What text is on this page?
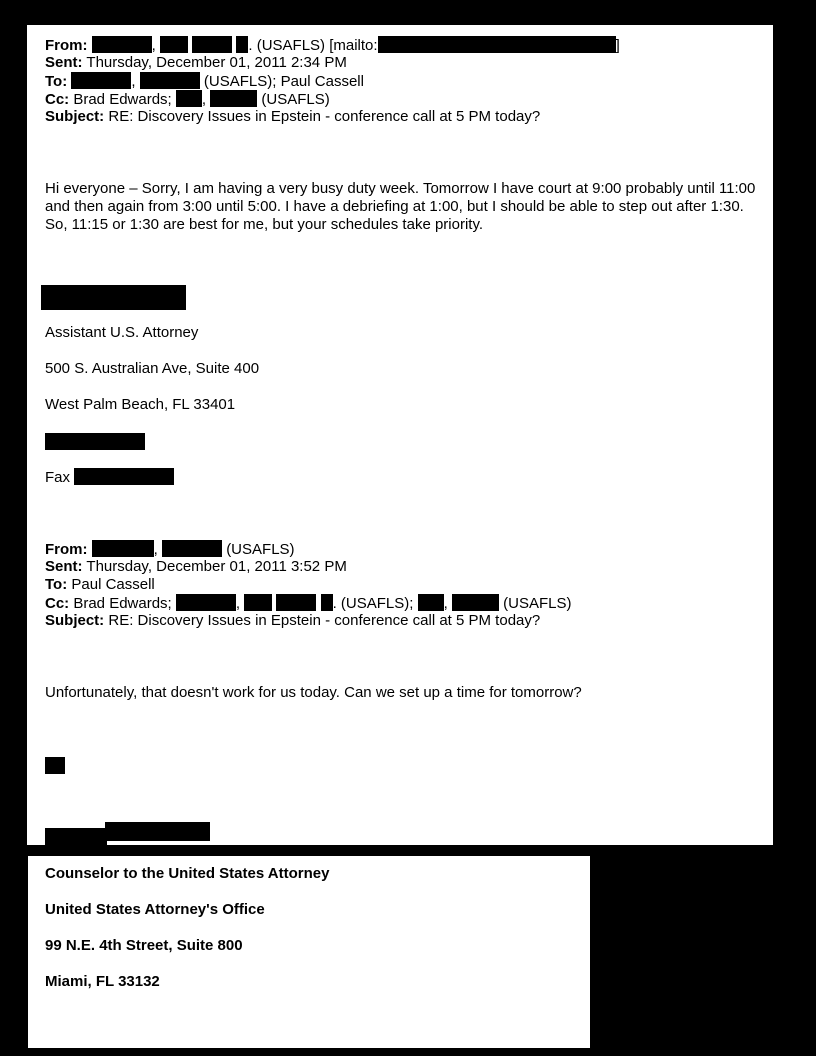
From:	,	. (USAFLS) [mailto:	]
Sent: Thursday, December 01, 2011 2:34 PM
To:	,	(USAFLS); Paul Cassell
Cc: Brad Edwards; ,	(USAFLS)
Subject: RE: Discovery Issues in Epstein - conference call at 5 PM today?
Hi everyone – Sorry, I am having a very busy duty week. Tomorrow I have court at 9:00 probably until 11:00 and then again from 3:00 until 5:00. I have a debriefing at 1:00, but I should be able to step out after 1:30. So, 11:15 or 1:30 are best for me, but your schedules take priority.
Assistant U.S. Attorney
500 S. Australian Ave, Suite 400
West Palm Beach, FL 33401
Fax
From:	,	(USAFLS)
Sent: Thursday, December 01, 2011 3:52 PM
To: Paul Cassell
Cc: Brad Edwards;	,	. (USAFLS); ,	(USAFLS)
Subject: RE: Discovery Issues in Epstein - conference call at 5 PM today?
Unfortunately, that doesn't work for us today. Can we set up a time for tomorrow?
Counselor to the United States Attorney
United States Attorney's Office
99 N.E. 4th Street, Suite 800
Miami, FL 33132
